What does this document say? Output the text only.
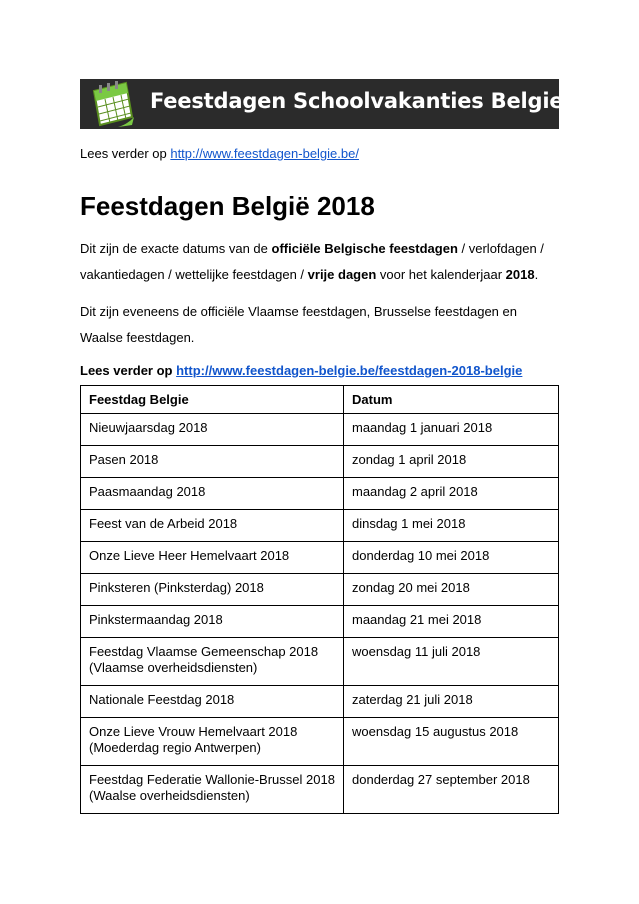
Feestdagen Schoolvakanties Belgie
Lees verder op http://www.feestdagen-belgie.be/
Feestdagen België 2018

Dit zijn de exacte datums van de officiële Belgische feestdagen / verlofdagen / vakantiedagen / wettelijke feestdagen / vrije dagen voor het kalenderjaar 2018.

Dit zijn eveneens de officiële Vlaamse feestdagen, Brusselse feestdagen en Waalse feestdagen.

Lees verder op http://www.feestdagen-belgie.be/feestdagen-2018-belgie
Feestdag Belgie	Datum
Nieuwjaarsdag 2018	maandag 1 januari 2018
Pasen 2018	zondag 1 april 2018
Paasmaandag 2018	maandag 2 april 2018
Feest van de Arbeid 2018	dinsdag 1 mei 2018
Onze Lieve Heer Hemelvaart 2018	donderdag 10 mei 2018
Pinksteren (Pinksterdag) 2018	zondag 20 mei 2018
Pinkstermaandag 2018	maandag 21 mei 2018
Feestdag Vlaamse Gemeenschap 2018
(Vlaamse overheidsdiensten)	woensdag 11 juli 2018
Nationale Feestdag 2018	zaterdag 21 juli 2018
Onze Lieve Vrouw Hemelvaart 2018
(Moederdag regio Antwerpen)	woensdag 15 augustus 2018
Feestdag Federatie Wallonie-Brussel 2018
(Waalse overheidsdiensten)	donderdag 27 september 2018
